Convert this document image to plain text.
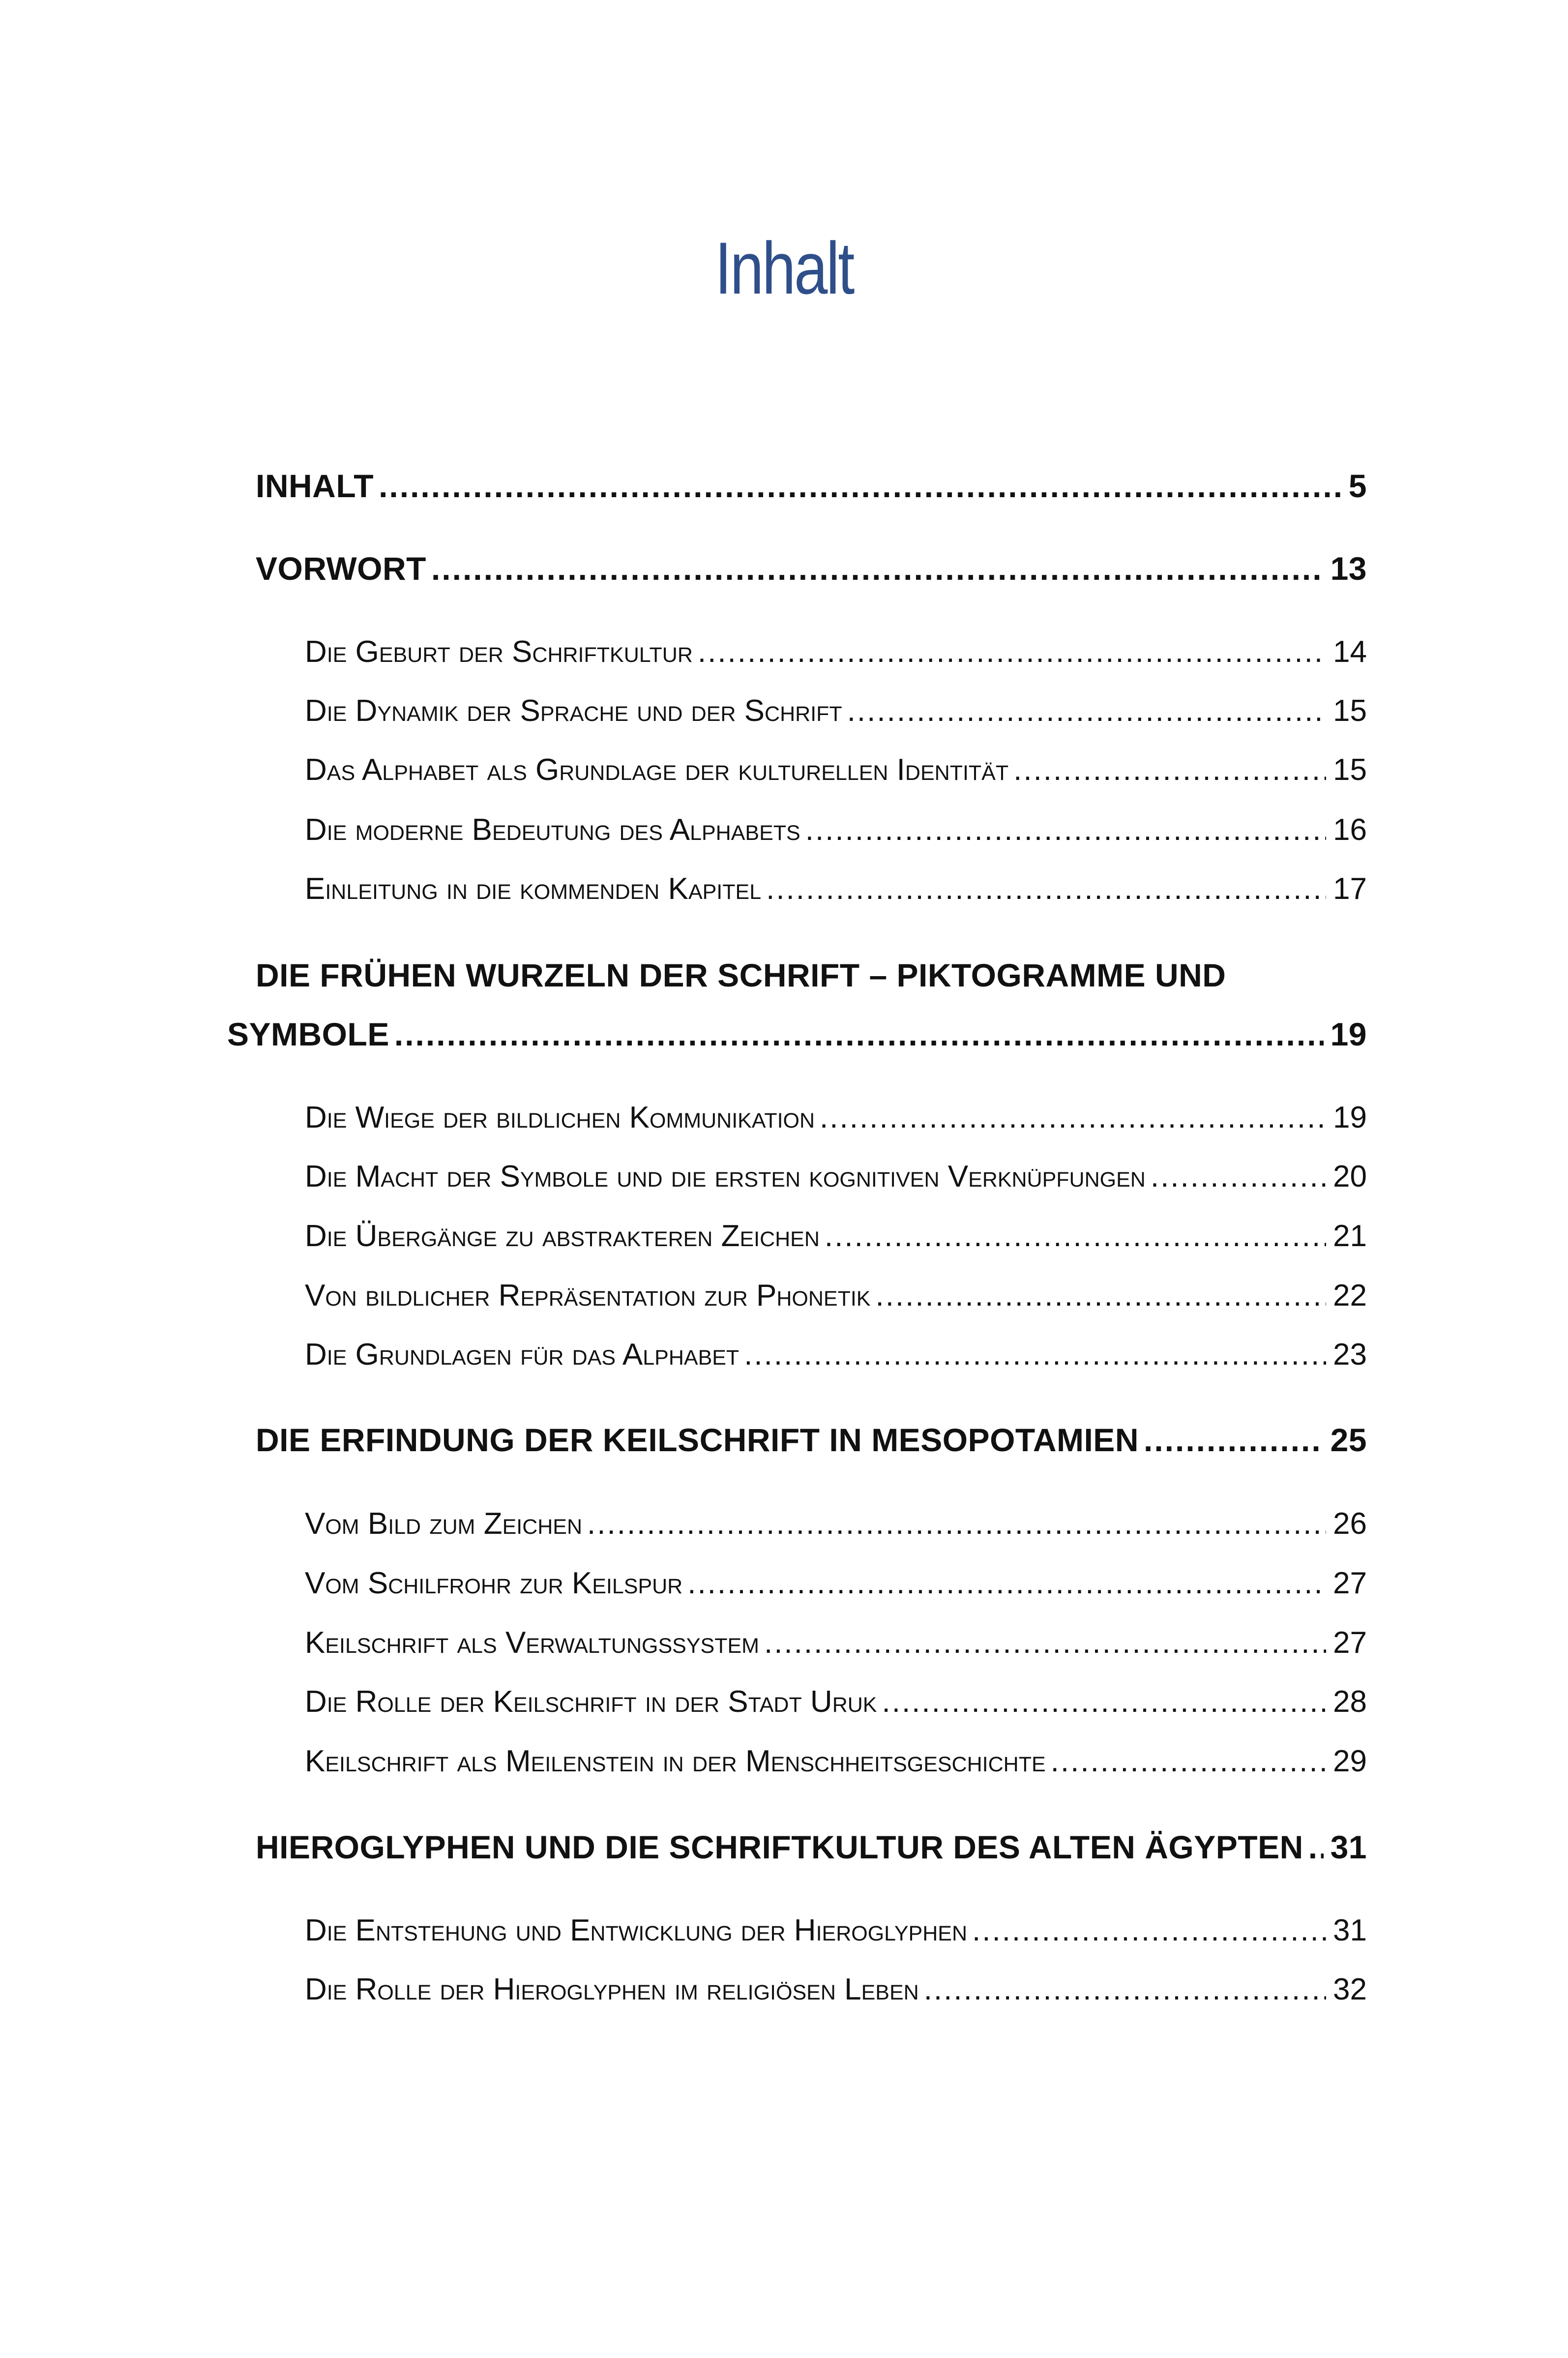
Inhalt
INHALT .....	5
VORWORT .....	13
Die Geburt der Schriftkultur .....	14
Die Dynamik der Sprache und der Schrift .....	15
Das Alphabet als Grundlage der kulturellen Identität .....	15
Die moderne Bedeutung des Alphabets .....	16
Einleitung in die kommenden Kapitel .....	17
DIE FRÜHEN WURZELN DER SCHRIFT – PIKTOGRAMME UND
SYMBOLE .....	19
Die Wiege der bildlichen Kommunikation .....	19
Die Macht der Symbole und die ersten kognitiven Verknüpfungen .....	20
Die Übergänge zu abstrakteren Zeichen .....	21
Von bildlicher Repräsentation zur Phonetik .....	22
Die Grundlagen für das Alphabet .....	23
DIE ERFINDUNG DER KEILSCHRIFT IN MESOPOTAMIEN .....	25
Vom Bild zum Zeichen .....	26
Vom Schilfrohr zur Keilspur .....	27
Keilschrift als Verwaltungssystem .....	27
Die Rolle der Keilschrift in der Stadt Uruk .....	28
Keilschrift als Meilenstein in der Menschheitsgeschichte .....	29
HIEROGLYPHEN UND DIE SCHRIFTKULTUR DES ALTEN ÄGYPTEN ..... 31
Die Entstehung und Entwicklung der Hieroglyphen .....	31
Die Rolle der Hieroglyphen im religiösen Leben .....	32
